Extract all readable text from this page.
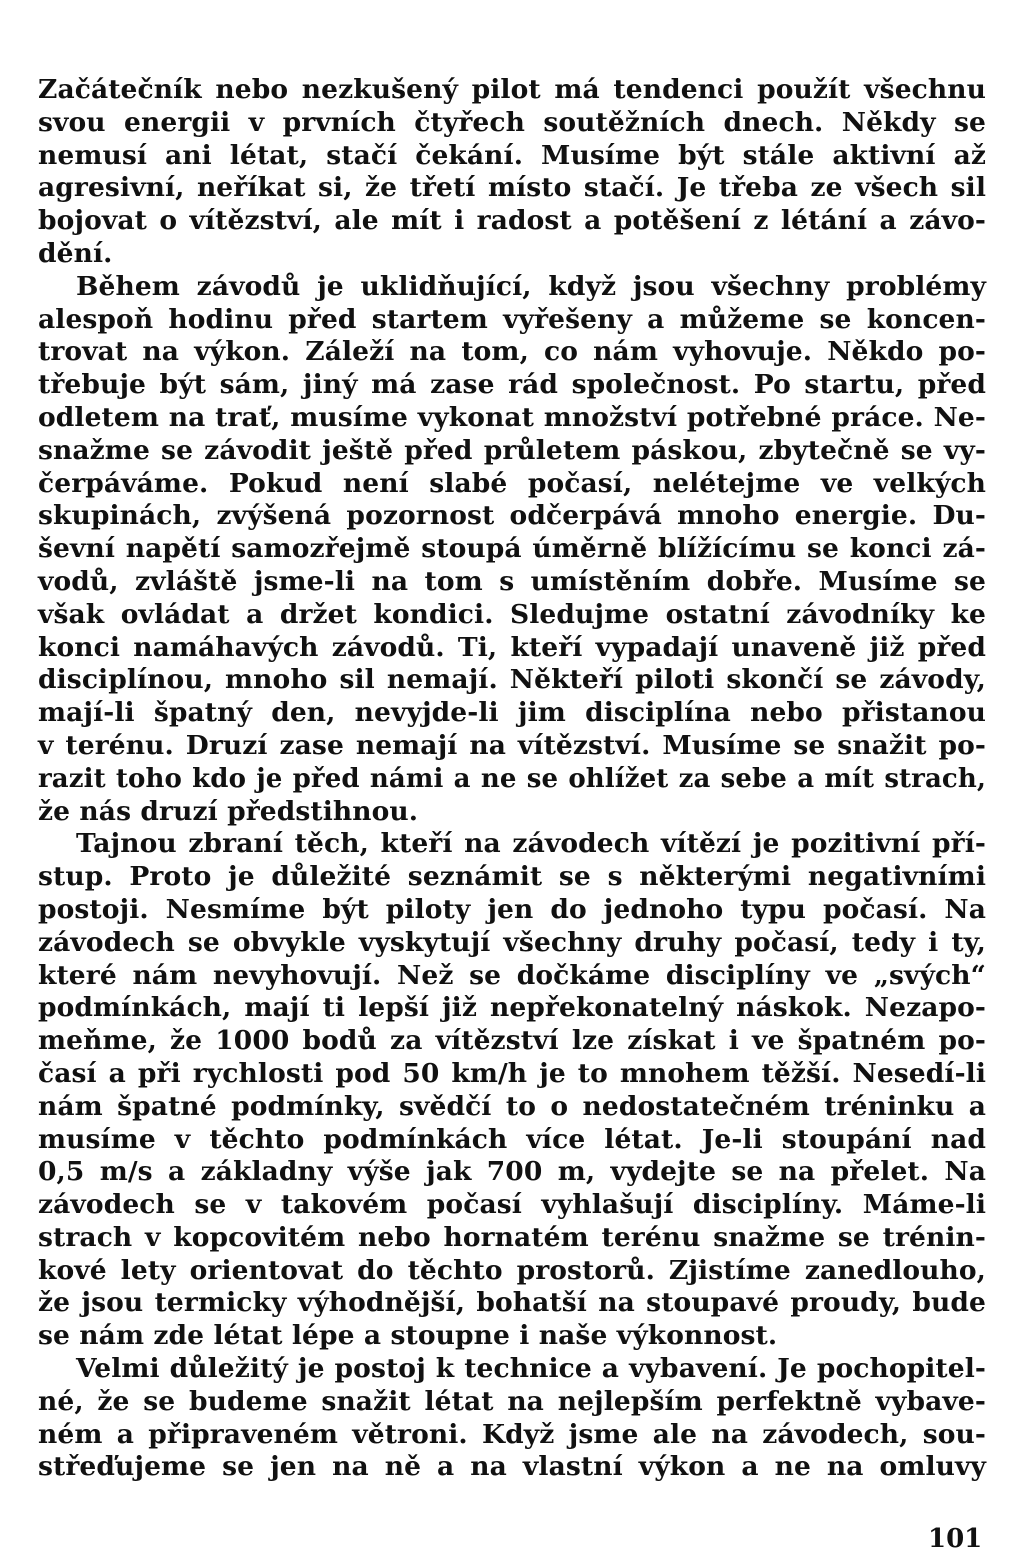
Začátečník nebo nezkušený pilot má tendenci použít všechnu
svou energii v prvních čtyřech soutěžních dnech. Někdy se
nemusí ani létat, stačí čekání. Musíme být stále aktivní až
agresivní, neříkat si, že třetí místo stačí. Je třeba ze všech sil
bojovat o vítězství, ale mít i radost a potěšení z létání a závo-
dění.
Během závodů je uklidňující, když jsou všechny problémy
alespoň hodinu před startem vyřešeny a můžeme se koncen-
trovat na výkon. Záleží na tom, co nám vyhovuje. Někdo po-
třebuje být sám, jiný má zase rád společnost. Po startu, před
odletem na trať, musíme vykonat množství potřebné práce. Ne-
snažme se závodit ještě před průletem páskou, zbytečně se vy-
čerpáváme. Pokud není slabé počasí, nelétejme ve velkých
skupinách, zvýšená pozornost odčerpává mnoho energie. Du-
ševní napětí samozřejmě stoupá úměrně blížícímu se konci zá-
vodů, zvláště jsme-li na tom s umístěním dobře. Musíme se
však ovládat a držet kondici. Sledujme ostatní závodníky ke
konci namáhavých závodů. Ti, kteří vypadají unaveně již před
disciplínou, mnoho sil nemají. Někteří piloti skončí se závody,
mají-li špatný den, nevyjde-li jim disciplína nebo přistanou
v terénu. Druzí zase nemají na vítězství. Musíme se snažit po-
razit toho kdo je před námi a ne se ohlížet za sebe a mít strach,
že nás druzí předstihnou.
Tajnou zbraní těch, kteří na závodech vítězí je pozitivní pří-
stup. Proto je důležité seznámit se s některými negativními
postoji. Nesmíme být piloty jen do jednoho typu počasí. Na
závodech se obvykle vyskytují všechny druhy počasí, tedy i ty,
které nám nevyhovují. Než se dočkáme disciplíny ve „svých“
podmínkách, mají ti lepší již nepřekonatelný náskok. Nezapo-
meňme, že 1000 bodů za vítězství lze získat i ve špatném po-
časí a při rychlosti pod 50 km/h je to mnohem těžší. Nesedí-li
nám špatné podmínky, svědčí to o nedostatečném tréninku a
musíme v těchto podmínkách více létat. Je-li stoupání nad
0,5 m/s a základny výše jak 700 m, vydejte se na přelet. Na
závodech se v takovém počasí vyhlašují disciplíny. Máme-li
strach v kopcovitém nebo hornatém terénu snažme se trénin-
kové lety orientovat do těchto prostorů. Zjistíme zanedlouho,
že jsou termicky výhodnější, bohatší na stoupavé proudy, bude
se nám zde létat lépe a stoupne i naše výkonnost.
Velmi důležitý je postoj k technice a vybavení. Je pochopitel-
né, že se budeme snažit létat na nejlepším perfektně vybave-
ném a připraveném větroni. Když jsme ale na závodech, sou-
střeďujeme se jen na ně a na vlastní výkon a ne na omluvy
101
